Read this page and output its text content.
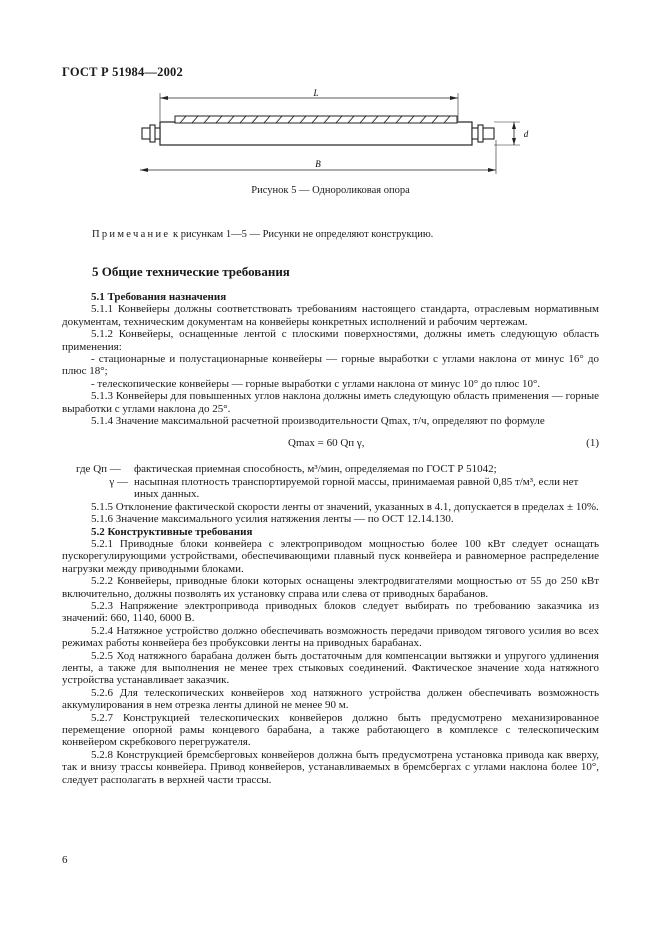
ГОСТ Р 51984—2002
L
d
B
Рисунок 5 — Однороликовая опора
Примечание к рисункам 1—5 — Рисунки не определяют конструкцию.
5 Общие технические требования

5.1 Требования назначения

5.1.1 Конвейеры должны соответствовать требованиям настоящего стандарта, отраслевым нормативным документам, техническим документам на конвейеры конкретных исполнений и рабочим чертежам.

5.1.2 Конвейеры, оснащенные лентой с плоскими поверхностями, должны иметь следующую область применения:

- стационарные и полустационарные конвейеры — горные выработки с углами наклона от минус 16° до плюс 18°;

- телескопические конвейеры — горные выработки с углами наклона от минус 10° до плюс 10°.

5.1.3 Конвейеры для повышенных углов наклона должны иметь следующую область применения — горные выработки с углами наклона до 25°.

5.1.4 Значение максимальной расчетной производительности Qmax, т/ч, определяют по формуле

Qmax = 60 Qп γ,	(1)
где Qп —	фактическая приемная способность, м³/мин, определяемая по ГОСТ Р 51042;
γ — насыпная плотность транспортируемой горной массы, принимаемая равной 0,85 т/м³, если нет иных данных.

5.1.5 Отклонение фактической скорости ленты от значений, указанных в 4.1, допускается в пределах ± 10%.

5.1.6 Значение максимального усилия натяжения ленты — по ОСТ 12.14.130.

5.2 Конструктивные требования

5.2.1 Приводные блоки конвейера с электроприводом мощностью более 100 кВт следует оснащать пускорегулирующими устройствами, обеспечивающими плавный пуск конвейера и равномерное распределение нагрузки между приводными блоками.

5.2.2 Конвейеры, приводные блоки которых оснащены электродвигателями мощностью от 55 до 250 кВт включительно, должны позволять их установку справа или слева от приводных барабанов.

5.2.3 Напряжение электропривода приводных блоков следует выбирать по требованию заказчика из значений: 660, 1140, 6000 В.

5.2.4 Натяжное устройство должно обеспечивать возможность передачи приводом тягового усилия во всех режимах работы конвейера без пробуксовки ленты на приводных барабанах.

5.2.5 Ход натяжного барабана должен быть достаточным для компенсации вытяжки и упругого удлинения ленты, а также для выполнения не менее трех стыковых соединений. Фактическое значение хода натяжного устройства устанавливает заказчик.

5.2.6 Для телескопических конвейеров ход натяжного устройства должен обеспечивать возможность аккумулирования в нем отрезка ленты длиной не менее 90 м.

5.2.7 Конструкцией телескопических конвейеров должно быть предусмотрено механизированное перемещение опорной рамы концевого барабана, а также работающего в комплексе с телескопическим конвейером скребкового перегружателя.

5.2.8 Конструкцией бремсберговых конвейеров должна быть предусмотрена установка привода как вверху, так и внизу трассы конвейера. Привод конвейеров, устанавливаемых в бремсбергах с углами наклона более 10°, следует располагать в верхней части трассы.

6
